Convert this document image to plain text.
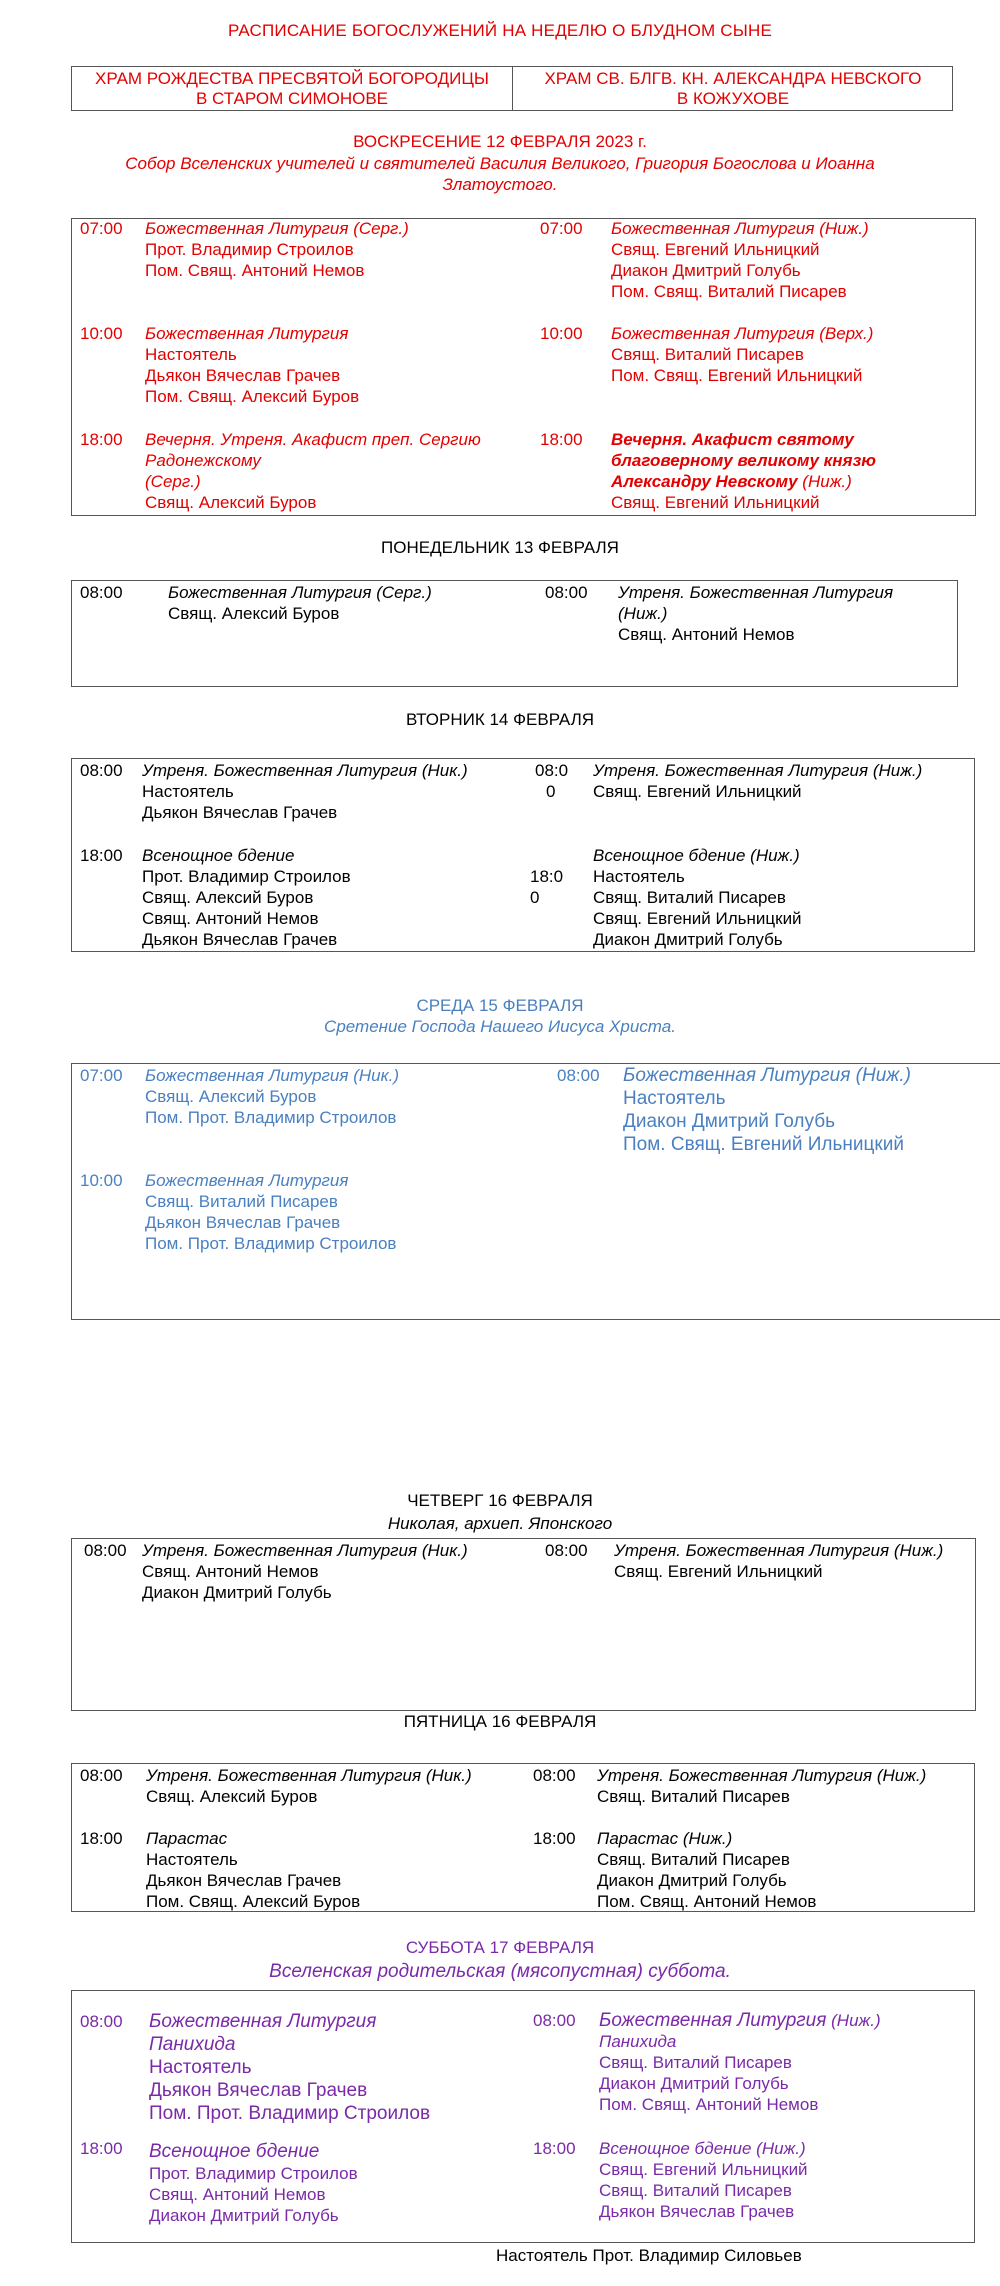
РАСПИСАНИЕ БОГОСЛУЖЕНИЙ НА НЕДЕЛЮ О БЛУДНОМ СЫНЕ
ХРАМ РОЖДЕСТВА ПРЕСВЯТОЙ БОГОРОДИЦЫ
В СТАРОМ СИМОНОВЕ
ХРАМ СВ. БЛГВ. КН. АЛЕКСАНДРА НЕВСКОГО
В КОЖУХОВЕ
ВОСКРЕСЕНИЕ 12 ФЕВРАЛЯ 2023 г.
Собор Вселенских учителей и святителей Василия Великого, Григория Богослова и Иоанна
Златоустого.
07:00 Божественная Литургия (Серг.)
Прот. Владимир Строилов
Пом. Свящ. Антоний Немов
10:00 Божественная Литургия
Настоятель
Дьякон Вячеслав Грачев
Пом. Свящ. Алексий Буров
18:00 Вечерня. Утреня. Акафист преп. Сергию
Радонежскому
(Серг.)
Свящ. Алексий Буров
07:00 Божественная Литургия (Ниж.)
Свящ. Евгений Ильницкий
Диакон Дмитрий Голубь
Пом. Свящ. Виталий Писарев
10:00 Божественная Литургия (Верх.)
Свящ. Виталий Писарев
Пом. Свящ. Евгений Ильницкий
18:00 Вечерня. Акафист святому
благоверному великому князю
Александру Невскому (Ниж.)
Свящ. Евгений Ильницкий
ПОНЕДЕЛЬНИК 13 ФЕВРАЛЯ
08:00	Божественная Литургия (Серг.)
Свящ. Алексий Буров
08:00 Утреня. Божественная Литургия
(Ниж.)
Свящ. Антоний Немов
ВТОРНИК 14 ФЕВРАЛЯ
08:00 Утреня. Божественная Литургия (Ник.)
Настоятель
Дьякон Вячеслав Грачев
18:00 Всенощное бдение
Прот. Владимир Строилов
Свящ. Алексий Буров
Свящ. Антоний Немов
Дьякон Вячеслав Грачев
08:0
0
Утреня. Божественная Литургия (Ниж.)
Свящ. Евгений Ильницкий
18:0
0
Всенощное бдение (Ниж.)
Настоятель
Свящ. Виталий Писарев
Свящ. Евгений Ильницкий
Диакон Дмитрий Голубь
СРЕДА 15 ФЕВРАЛЯ
Сретение Господа Нашего Иисуса Христа.
07:00 Божественная Литургия (Ник.)
Свящ. Алексий Буров
Пом. Прот. Владимир Строилов
10:00 Божественная Литургия
Свящ. Виталий Писарев
Дьякон Вячеслав Грачев
Пом. Прот. Владимир Строилов
08:00 Божественная Литургия (Ниж.)
Настоятель
Диакон Дмитрий Голубь
Пом. Свящ. Евгений Ильницкий
ЧЕТВЕРГ 16 ФЕВРАЛЯ
Николая, архиеп. Японского
08:00 Утреня. Божественная Литургия (Ник.)
Свящ. Антоний Немов
Диакон Дмитрий Голубь
08:00 Утреня. Божественная Литургия (Ниж.)
Свящ. Евгений Ильницкий
ПЯТНИЦА 16 ФЕВРАЛЯ
08:00 Утреня. Божественная Литургия (Ник.)
Свящ. Алексий Буров
18:00 Парастас
Настоятель
Дьякон Вячеслав Грачев
Пом. Свящ. Алексий Буров
08:00 Утреня. Божественная Литургия (Ниж.)
Свящ. Виталий Писарев
18:00 Парастас (Ниж.)
Свящ. Виталий Писарев
Диакон Дмитрий Голубь
Пом. Свящ. Антоний Немов
СУББОТА 17 ФЕВРАЛЯ
Вселенская родительская (мясопустная) суббота.
08:00 Божественная Литургия
Панихида
Настоятель
Дьякон Вячеслав Грачев
Пом. Прот. Владимир Строилов
18:00 Всенощное бдение
Прот. Владимир Строилов
Свящ. Антоний Немов
Диакон Дмитрий Голубь
08:00 Божественная Литургия (Ниж.)
Панихида
Свящ. Виталий Писарев
Диакон Дмитрий Голубь
Пом. Свящ. Антоний Немов
18:00 Всенощное бдение (Ниж.)
Свящ. Евгений Ильницкий
Свящ. Виталий Писарев
Дьякон Вячеслав Грачев
Настоятель Прот. Владимир Силовьев
